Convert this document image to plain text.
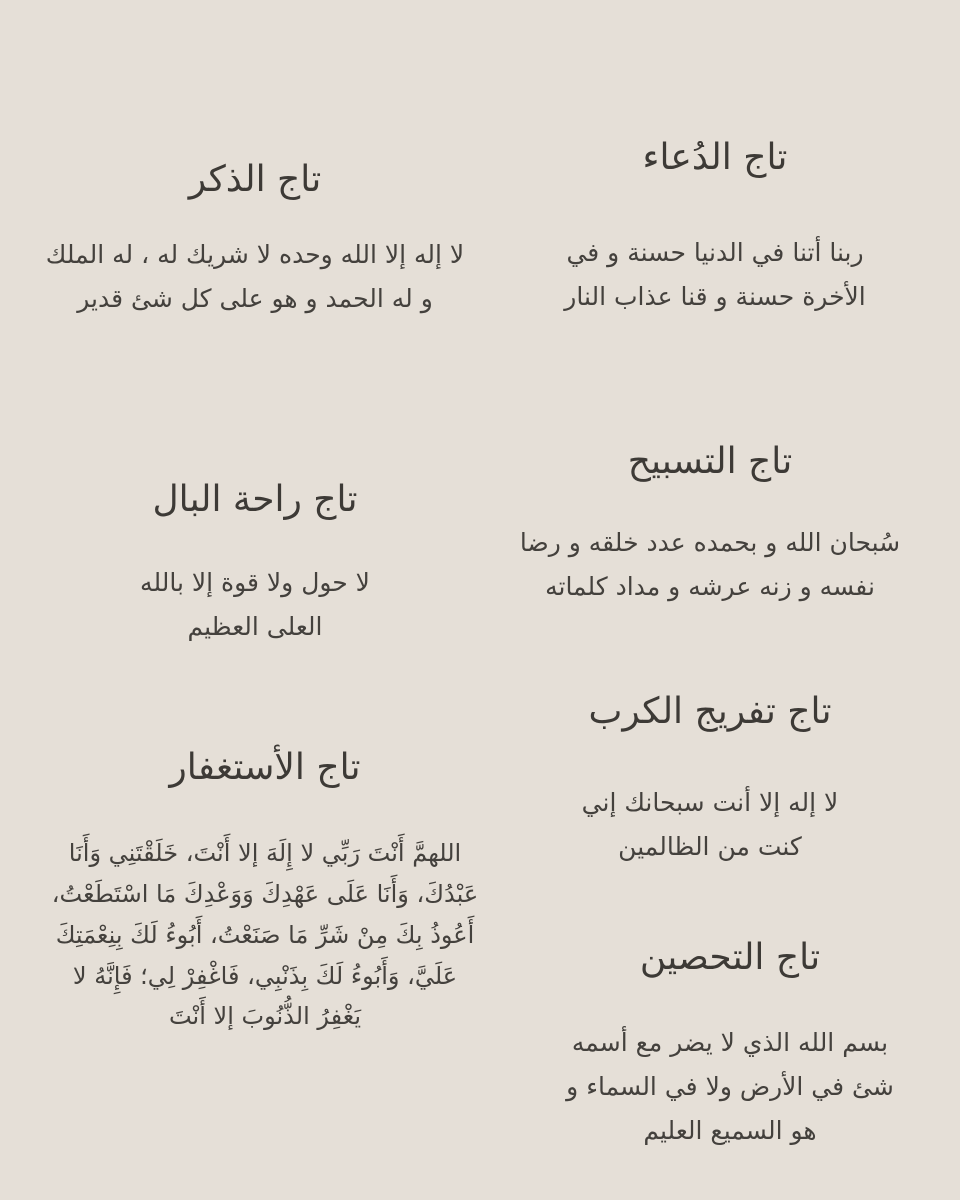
تاج الدُعاء

ربنا أتنا في الدنيا حسنة و في

الأخرة حسنة و قنا عذاب النار

تاج الذكر

لا إله إلا الله وحده لا شريك له ، له الملك

و له الحمد و هو على كل شئ قدير

تاج التسبيح

سُبحان الله و بحمده عدد خلقه و رضا

نفسه و زنه عرشه و مداد كلماته

تاج راحة البال

لا حول ولا قوة إلا بالله

العلى العظيم

تاج تفريج الكرب

لا إله إلا أنت سبحانك إني

كنت من الظالمين

تاج الأستغفار

اللهمَّ أَنْتَ رَبِّي لا إِلَهَ إلا أَنْتَ، خَلَقْتَنِي وَأَنَا

عَبْدُكَ، وَأَنَا عَلَى عَهْدِكَ وَوَعْدِكَ مَا اسْتَطَعْتُ،

أَعُوذُ بِكَ مِنْ شَرِّ مَا صَنَعْتُ، أَبُوءُ لَكَ بِنِعْمَتِكَ

عَلَيَّ، وَأَبُوءُ لَكَ بِذَنْبِي، فَاغْفِرْ لِي؛ فَإِنَّهُ لا

يَغْفِرُ الذُّنُوبَ إلا أَنْتَ

تاج التحصين

بسم الله الذي لا يضر مع أسمه

شئ في الأرض ولا في السماء و

هو السميع العليم
